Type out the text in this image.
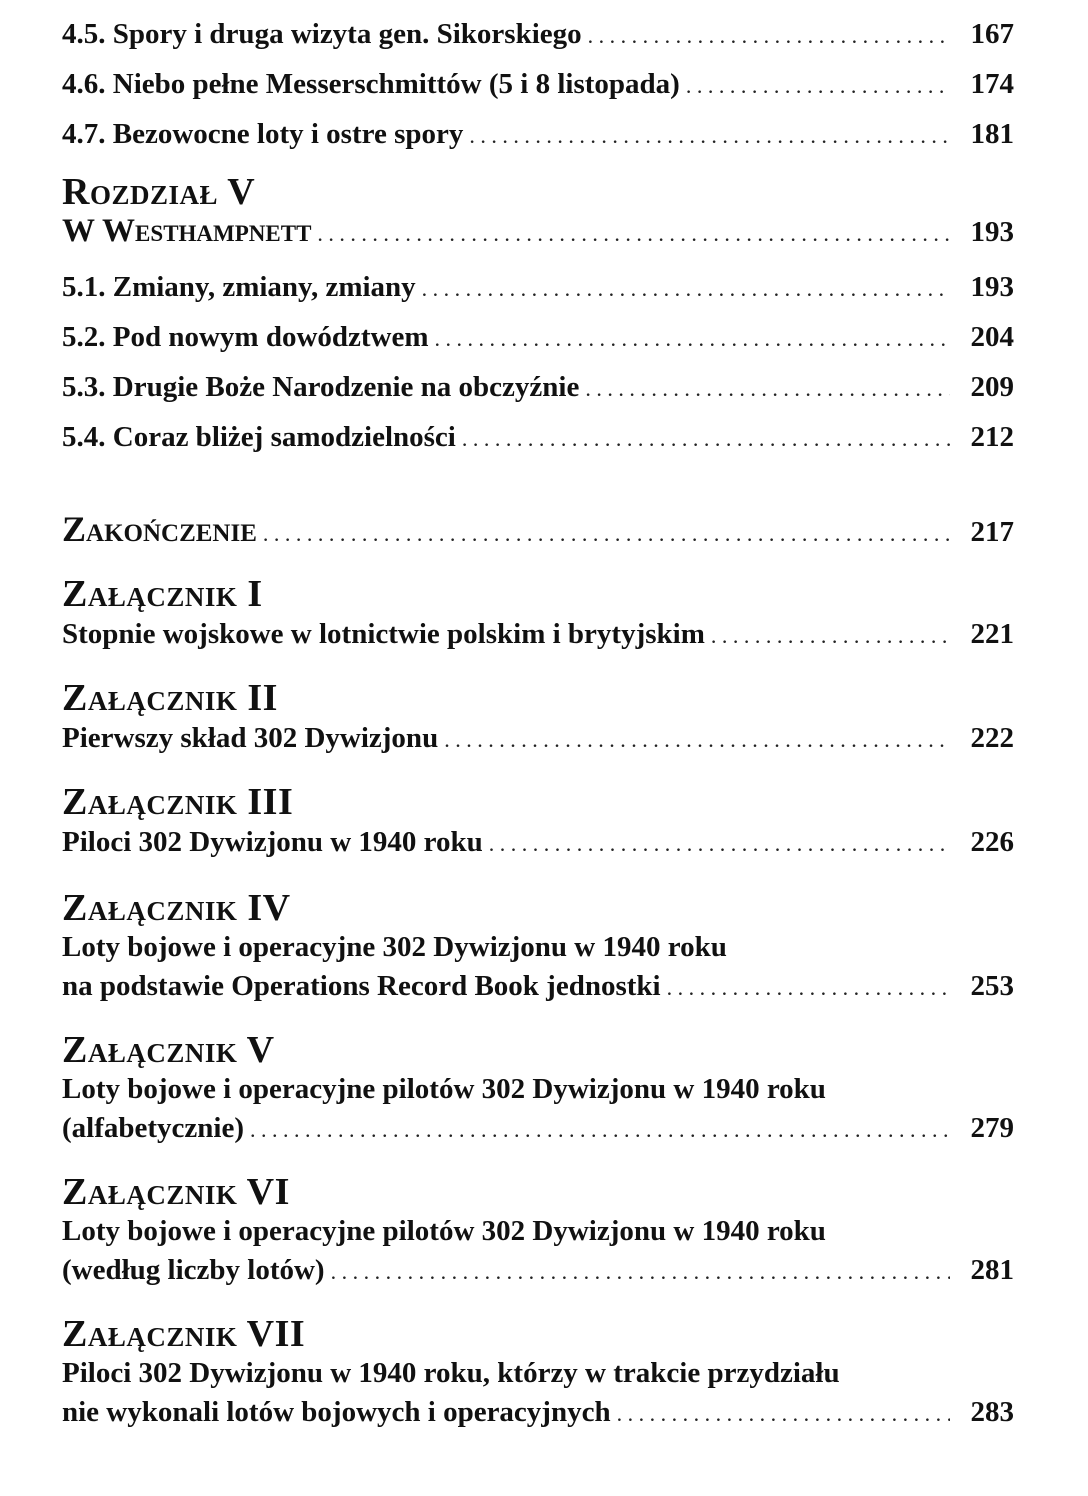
4.5. Spory i druga wizyta gen. Sikorskiego . . .	167
4.6. Niebo pełne Messerschmittów (5 i 8 listopada) . . .	174
4.7. Bezowocne loty i ostre spory . . .	181
Rozdział V
W Westhampnett . . .	193
5.1. Zmiany, zmiany, zmiany . . .	193
5.2. Pod nowym dowództwem . . .	204
5.3. Drugie Boże Narodzenie na obczyźnie . . .	209
5.4. Coraz bliżej samodzielności . . .	212
Zakończenie . . .	217
Załącznik I
Stopnie wojskowe w lotnictwie polskim i brytyjskim . . .	221
Załącznik II
Pierwszy skład 302 Dywizjonu . . .	222
Załącznik III
Piloci 302 Dywizjonu w 1940 roku . . .	226
Załącznik IV
Loty bojowe i operacyjne 302 Dywizjonu w 1940 roku
na podstawie Operations Record Book jednostki . . .	253
Załącznik V
Loty bojowe i operacyjne pilotów 302 Dywizjonu w 1940 roku
(alfabetycznie) . . .	279
Załącznik VI
Loty bojowe i operacyjne pilotów 302 Dywizjonu w 1940 roku
(według liczby lotów) . . .	281
Załącznik VII
Piloci 302 Dywizjonu w 1940 roku, którzy w trakcie przydziału
nie wykonali lotów bojowych i operacyjnych . . .	283
